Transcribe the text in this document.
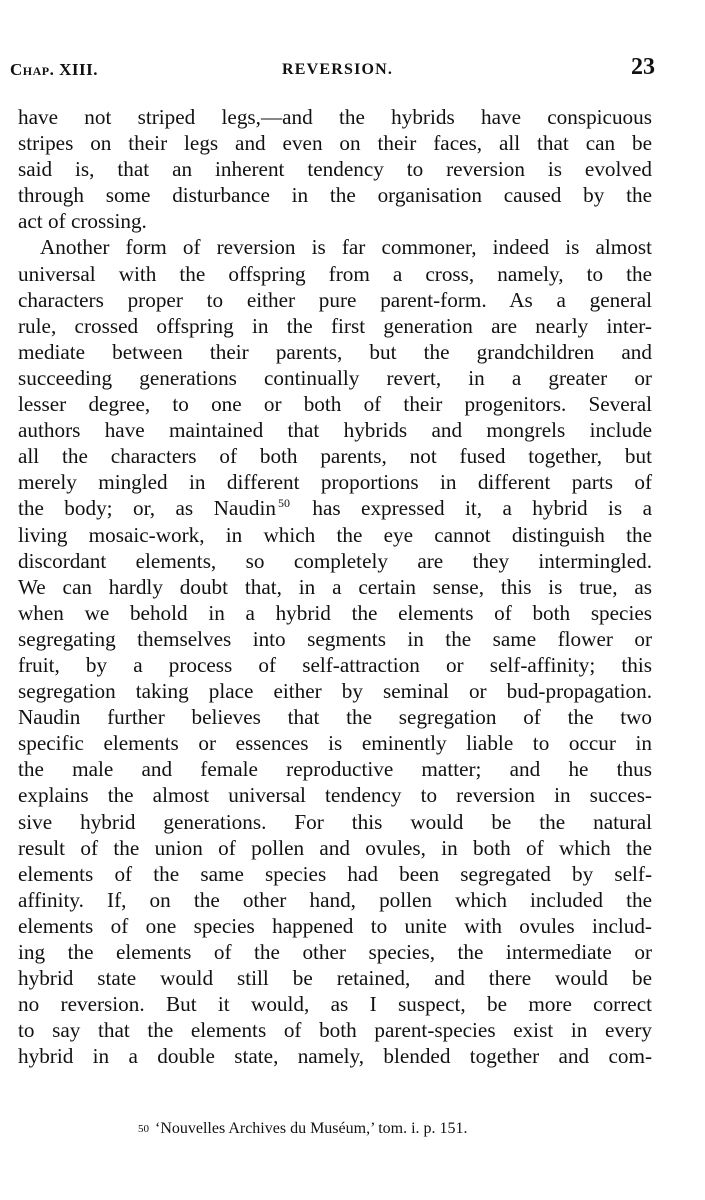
Chap. XIII.	REVERSION.	23
have not striped legs,—and the hybrids have conspicuous
stripes on their legs and even on their faces, all that can be
said is, that an inherent tendency to reversion is evolved
through some disturbance in the organisation caused by the
act of crossing.
Another form of reversion is far commoner, indeed is almost
universal with the offspring from a cross, namely, to the
characters proper to either pure parent-form. As a general
rule, crossed offspring in the first generation are nearly inter-
mediate between their parents, but the grandchildren and
succeeding generations continually revert, in a greater or
lesser degree, to one or both of their progenitors. Several
authors have maintained that hybrids and mongrels include
all the characters of both parents, not fused together, but
merely mingled in different proportions in different parts of
the body; or, as Naudin $^{50}$ has expressed it, a hybrid is a
living mosaic-work, in which the eye cannot distinguish the
discordant elements, so completely are they intermingled.
We can hardly doubt that, in a certain sense, this is true, as
when we behold in a hybrid the elements of both species
segregating themselves into segments in the same flower or
fruit, by a process of self-attraction or self-affinity; this
segregation taking place either by seminal or bud-propagation.
Naudin further believes that the segregation of the two
specific elements or essences is eminently liable to occur in
the male and female reproductive matter; and he thus
explains the almost universal tendency to reversion in succes-
sive hybrid generations. For this would be the natural
result of the union of pollen and ovules, in both of which the
elements of the same species had been segregated by self-
affinity. If, on the other hand, pollen which included the
elements of one species happened to unite with ovules includ-
ing the elements of the other species, the intermediate or
hybrid state would still be retained, and there would be
no reversion. But it would, as I suspect, be more correct
to say that the elements of both parent-species exist in every
hybrid in a double state, namely, blended together and com-
50 ‘Nouvelles Archives du Muséum,’ tom. i. p. 151.
